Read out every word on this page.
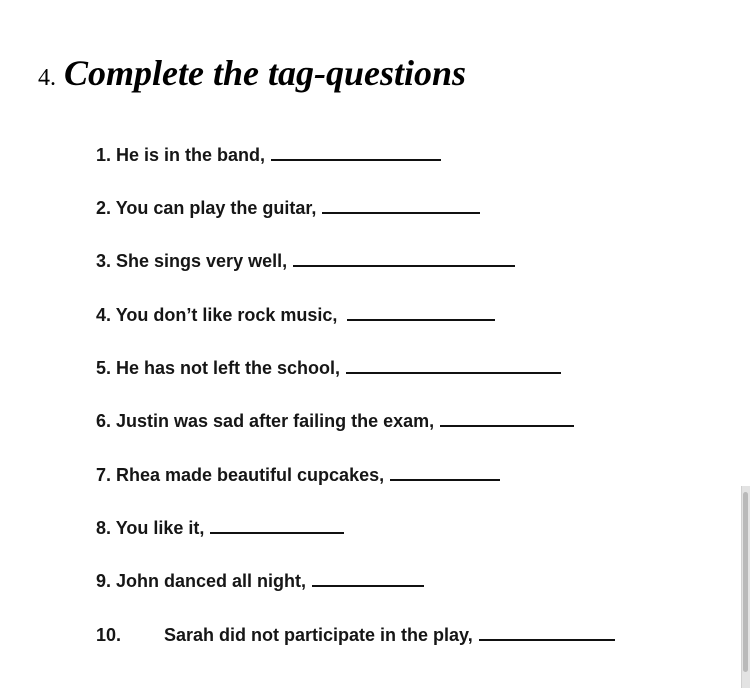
4. Complete the tag-questions
1. He is in the band,
2. You can play the guitar,
3. She sings very well,
4. You don’t like rock music,
5. He has not left the school,
6. Justin was sad after failing the exam,
7. Rhea made beautiful cupcakes,
8. You like it,
9. John danced all night,
10. Sarah did not participate in the play,
